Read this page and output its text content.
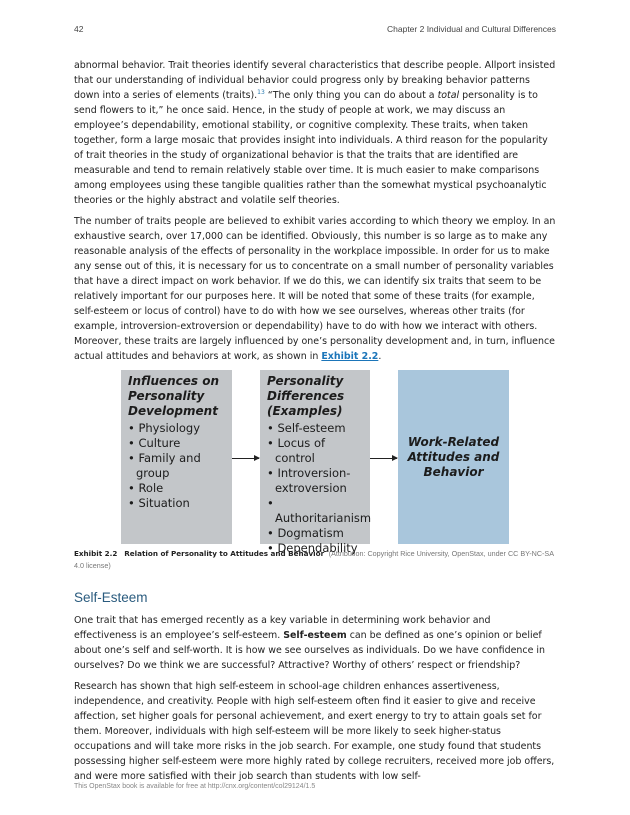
42	Chapter 2 Individual and Cultural Differences

abnormal behavior. Trait theories identify several characteristics that describe people. Allport insisted that our understanding of individual behavior could progress only by breaking behavior patterns down into a series of elements (traits).$^{13}$ “The only thing you can do about a total personality is to send flowers to it,” he once said. Hence, in the study of people at work, we may discuss an employee’s dependability, emotional stability, or cognitive complexity. These traits, when taken together, form a large mosaic that provides insight into individuals. A third reason for the popularity of trait theories in the study of organizational behavior is that the traits that are identified are measurable and tend to remain relatively stable over time. It is much easier to make comparisons among employees using these tangible qualities rather than the somewhat mystical psychoanalytic theories or the highly abstract and volatile self theories.

The number of traits people are believed to exhibit varies according to which theory we employ. In an exhaustive search, over 17,000 can be identified. Obviously, this number is so large as to make any reasonable analysis of the effects of personality in the workplace impossible. In order for us to make any sense out of this, it is necessary for us to concentrate on a small number of personality variables that have a direct impact on work behavior. If we do this, we can identify six traits that seem to be relatively important for our purposes here. It will be noted that some of these traits (for example, self-esteem or locus of control) have to do with how we see ourselves, whereas other traits (for example, introversion-extroversion or dependability) have to do with how we interact with others. Moreover, these traits are largely influenced by one’s personality development and, in turn, influence actual attitudes and behaviors at work, as shown in Exhibit 2.2.

Influences on Personality Development
• Physiology
• Culture
• Family and group
• Role
• Situation
Personality Differences (Examples)
• Self-esteem
• Locus of control
• Introversion-extroversion
• Authoritarianism
• Dogmatism
• Dependability
Work-Related Attitudes and Behavior

Exhibit 2.2 Relation of Personality to Attitudes and Behavior (Attribution: Copyright Rice University, OpenStax, under CC BY-NC-SA 4.0 license)

Self-Esteem

One trait that has emerged recently as a key variable in determining work behavior and effectiveness is an employee’s self-esteem. Self-esteem can be defined as one’s opinion or belief about one’s self and self-worth. It is how we see ourselves as individuals. Do we have confidence in ourselves? Do we think we are successful? Attractive? Worthy of others’ respect or friendship?

Research has shown that high self-esteem in school-age children enhances assertiveness, independence, and creativity. People with high self-esteem often find it easier to give and receive affection, set higher goals for personal achievement, and exert energy to try to attain goals set for them. Moreover, individuals with high self-esteem will be more likely to seek higher-status occupations and will take more risks in the job search. For example, one study found that students possessing higher self-esteem were more highly rated by college recruiters, received more job offers, and were more satisfied with their job search than students with low self-

This OpenStax book is available for free at http://cnx.org/content/col29124/1.5
